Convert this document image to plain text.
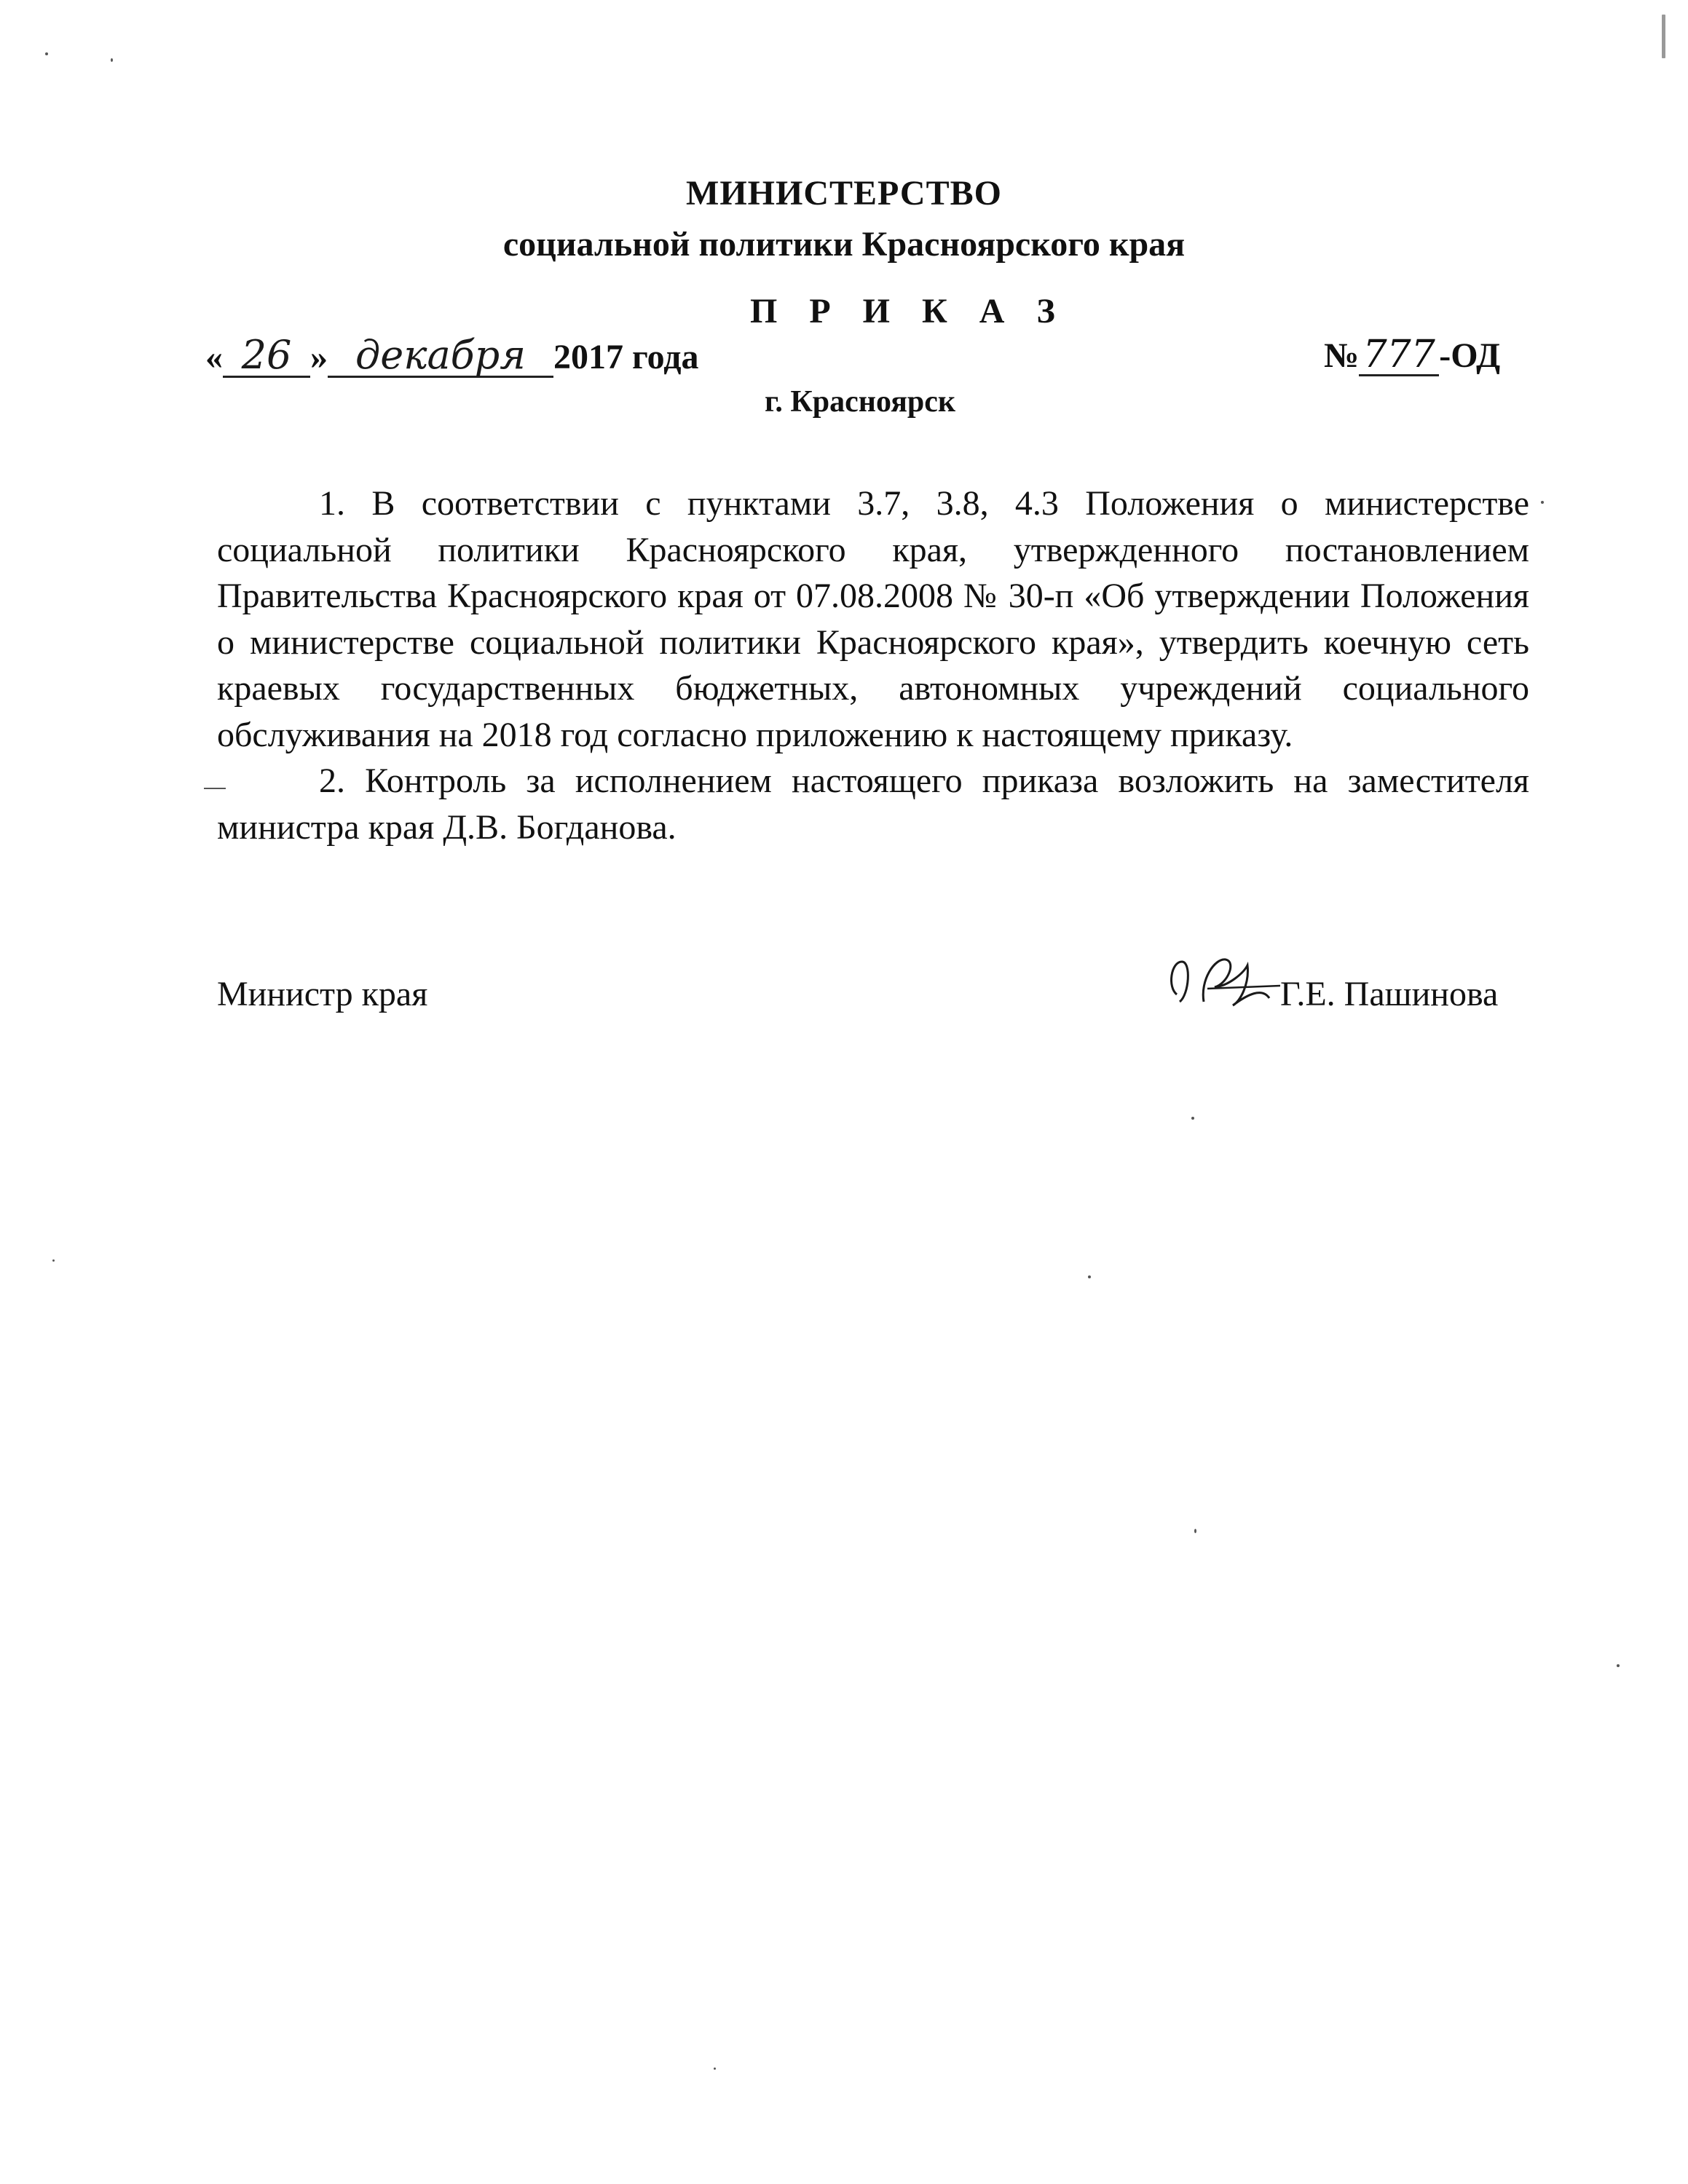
МИНИСТЕРСТВО
социальной политики Красноярского края
П Р И К А З
« 26 » декабря 2017 года	№ 777 -ОД
г. Красноярск

1. В соответствии с пунктами 3.7, 3.8, 4.3 Положения о министерстве социальной политики Красноярского края, утвержденного постановлением Правительства Красноярского края от 07.08.2008 № 30-п «Об утверждении Положения о министерстве социальной политики Красноярского края», утвердить коечную сеть краевых государственных бюджетных, автономных учреждений социального обслуживания на 2018 год согласно приложению к настоящему приказу.

2. Контроль за исполнением настоящего приказа возложить на заместителя министра края Д.В. Богданова.

Министр края	Г.Е. Пашинова
